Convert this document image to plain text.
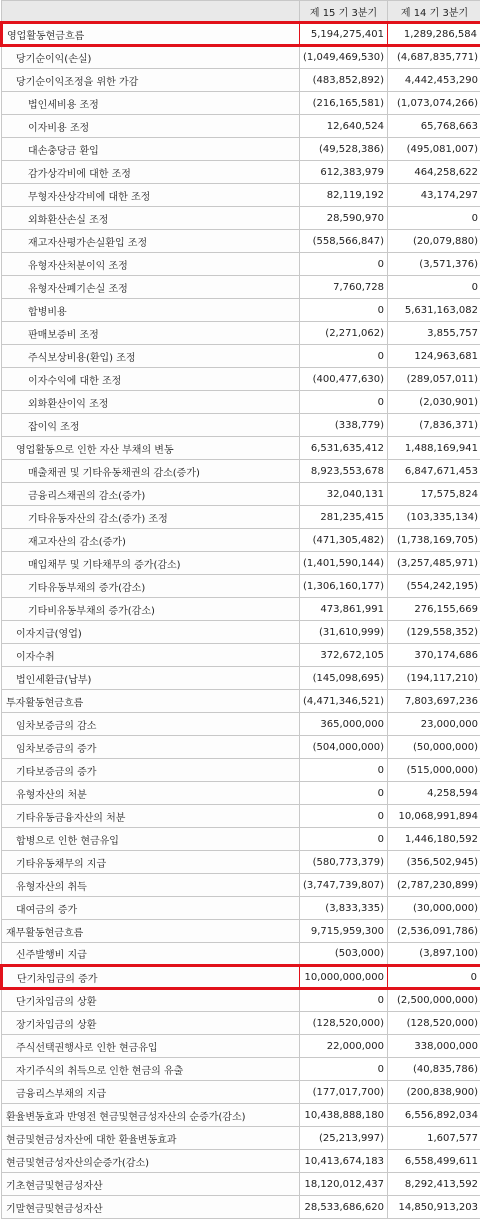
	제 15 기 3분기	제 14 기 3분기
영업활동현금흐름	5,194,275,401	1,289,286,584
당기순이익(손실)	(1,049,469,530)	(4,687,835,771)
당기순이익조정을 위한 가감	(483,852,892)	4,442,453,290
법인세비용 조정	(216,165,581)	(1,073,074,266)
이자비용 조정	12,640,524	65,768,663
대손충당금 환입	(49,528,386)	(495,081,007)
감가상각비에 대한 조정	612,383,979	464,258,622
무형자산상각비에 대한 조정	82,119,192	43,174,297
외화환산손실 조정	28,590,970	0
재고자산평가손실환입 조정	(558,566,847)	(20,079,880)
유형자산처분이익 조정	0	(3,571,376)
유형자산폐기손실 조정	7,760,728	0
합병비용	0	5,631,163,082
판매보증비 조정	(2,271,062)	3,855,757
주식보상비용(환입) 조정	0	124,963,681
이자수익에 대한 조정	(400,477,630)	(289,057,011)
외화환산이익 조정	0	(2,030,901)
잡이익 조정	(338,779)	(7,836,371)
영업활동으로 인한 자산 부채의 변동	6,531,635,412	1,488,169,941
매출채권 및 기타유동채권의 감소(증가)	8,923,553,678	6,847,671,453
금융리스채권의 감소(증가)	32,040,131	17,575,824
기타유동자산의 감소(증가) 조정	281,235,415	(103,335,134)
재고자산의 감소(증가)	(471,305,482)	(1,738,169,705)
매입채무 및 기타채무의 증가(감소)	(1,401,590,144)	(3,257,485,971)
기타유동부채의 증가(감소)	(1,306,160,177)	(554,242,195)
기타비유동부채의 증가(감소)	473,861,991	276,155,669
이자지급(영업)	(31,610,999)	(129,558,352)
이자수취	372,672,105	370,174,686
법인세환급(납부)	(145,098,695)	(194,117,210)
투자활동현금흐름	(4,471,346,521)	7,803,697,236
임차보증금의 감소	365,000,000	23,000,000
임차보증금의 증가	(504,000,000)	(50,000,000)
기타보증금의 증가	0	(515,000,000)
유형자산의 처분	0	4,258,594
기타유동금융자산의 처분	0	10,068,991,894
합병으로 인한 현금유입	0	1,446,180,592
기타유동채무의 지급	(580,773,379)	(356,502,945)
유형자산의 취득	(3,747,739,807)	(2,787,230,899)
대여금의 증가	(3,833,335)	(30,000,000)
재무활동현금흐름	9,715,959,300	(2,536,091,786)
신주발행비 지급	(503,000)	(3,897,100)
단기차입금의 증가	10,000,000,000	0
단기차입금의 상환	0	(2,500,000,000)
장기차입금의 상환	(128,520,000)	(128,520,000)
주식선택권행사로 인한 현금유입	22,000,000	338,000,000
자기주식의 취득으로 인한 현금의 유출	0	(40,835,786)
금융리스부채의 지급	(177,017,700)	(200,838,900)
환율변동효과 반영전 현금및현금성자산의 순증가(감소)	10,438,888,180	6,556,892,034
현금및현금성자산에 대한 환율변동효과	(25,213,997)	1,607,577
현금및현금성자산의순증가(감소)	10,413,674,183	6,558,499,611
기초현금및현금성자산	18,120,012,437	8,292,413,592
기말현금및현금성자산	28,533,686,620	14,850,913,203
